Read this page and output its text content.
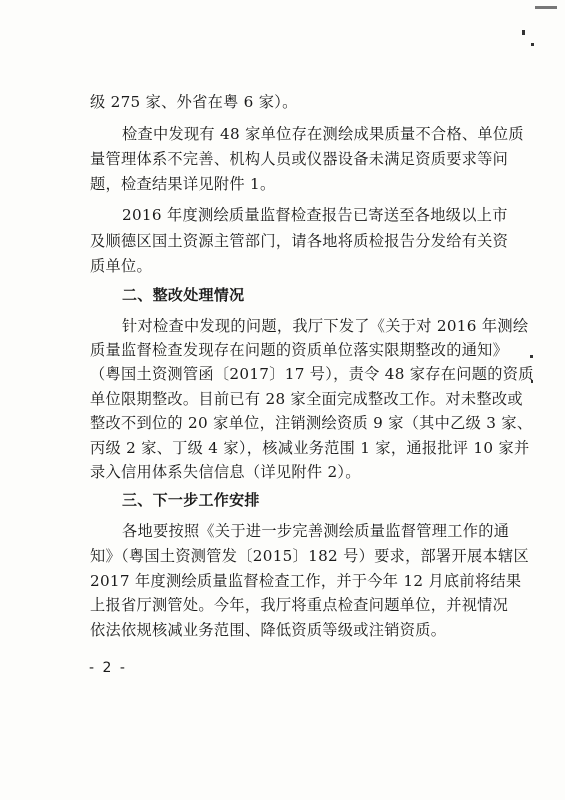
级 275 家、外省在粤 6 家）。
检查中发现有 48 家单位存在测绘成果质量不合格、单位质
量管理体系不完善、机构人员或仪器设备未满足资质要求等问
题，检查结果详见附件 1。
2016 年度测绘质量监督检查报告已寄送至各地级以上市
及顺德区国土资源主管部门，请各地将质检报告分发给有关资
质单位。
二、整改处理情况
针对检查中发现的问题，我厅下发了《关于对 2016 年测绘
质量监督检查发现存在问题的资质单位落实限期整改的通知》
（粤国土资测管函〔2017〕17 号），责令 48 家存在问题的资质
单位限期整改。目前已有 28 家全面完成整改工作。对未整改或
整改不到位的 20 家单位，注销测绘资质 9 家（其中乙级 3 家、
丙级 2 家、丁级 4 家），核减业务范围 1 家，通报批评 10 家并
录入信用体系失信信息（详见附件 2）。
三、下一步工作安排
各地要按照《关于进一步完善测绘质量监督管理工作的通
知》（粤国土资测管发〔2015〕182 号）要求，部署开展本辖区
2017 年度测绘质量监督检查工作，并于今年 12 月底前将结果
上报省厅测管处。今年，我厅将重点检查问题单位，并视情况
依法依规核减业务范围、降低资质等级或注销资质。
- 2 -
